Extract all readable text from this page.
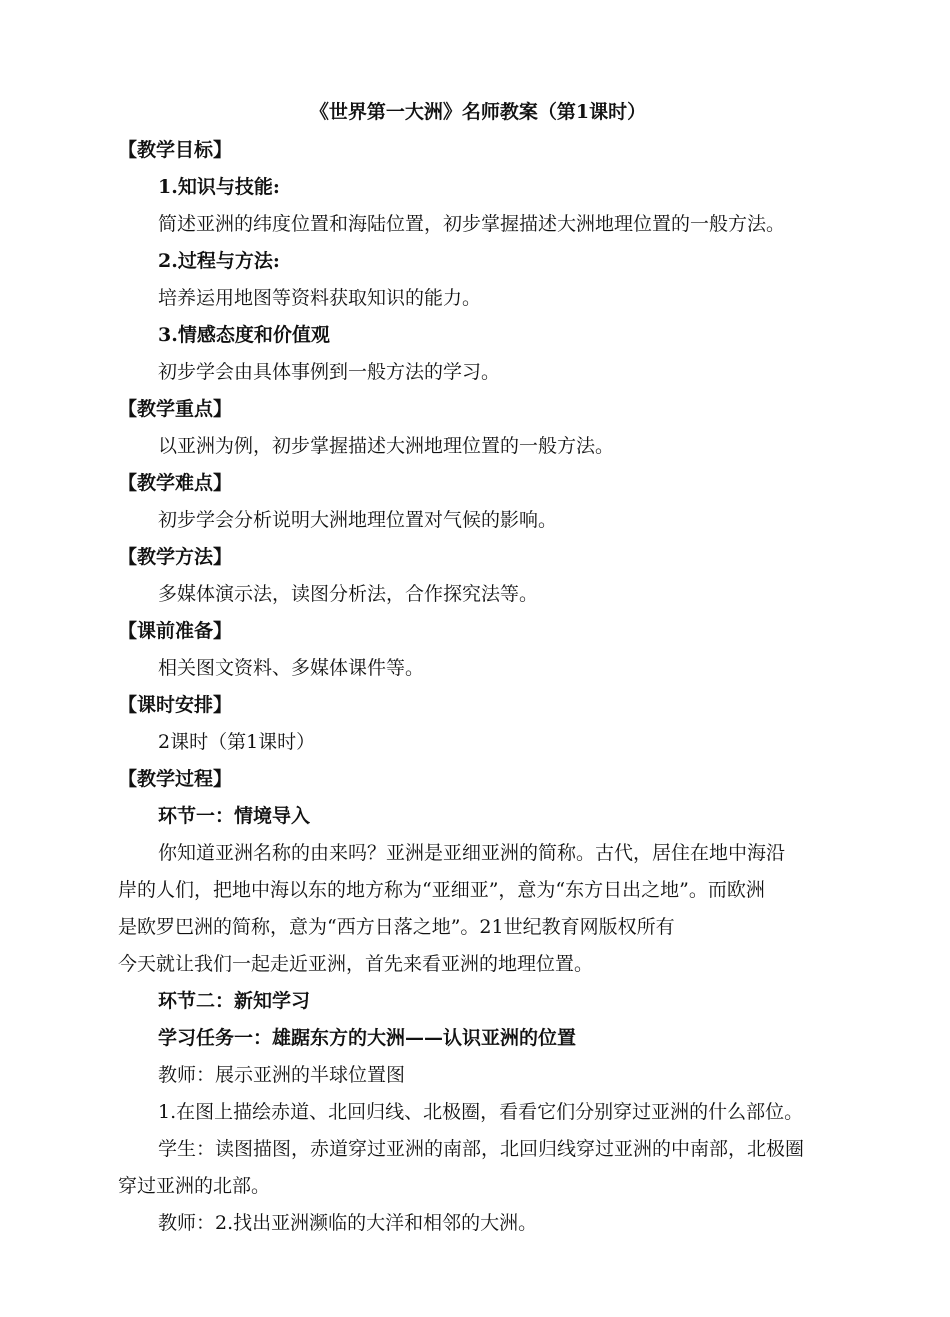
《世界第一大洲》名师教案（第1课时）
【教学目标】
1.知识与技能:
简述亚洲的纬度位置和海陆位置，初步掌握描述大洲地理位置的一般方法。
2.过程与方法:
培养运用地图等资料获取知识的能力。
3.情感态度和价值观
初步学会由具体事例到一般方法的学习。
【教学重点】
以亚洲为例，初步掌握描述大洲地理位置的一般方法。
【教学难点】
初步学会分析说明大洲地理位置对气候的影响。
【教学方法】
多媒体演示法，读图分析法，合作探究法等。
【课前准备】
相关图文资料、多媒体课件等。
【课时安排】
2课时（第1课时）
【教学过程】
环节一：情境导入
你知道亚洲名称的由来吗？亚洲是亚细亚洲的简称。古代，居住在地中海沿
岸的人们，把地中海以东的地方称为“亚细亚”，意为“东方日出之地”。而欧洲
是欧罗巴洲的简称，意为“西方日落之地”。21世纪教育网版权所有
今天就让我们一起走近亚洲，首先来看亚洲的地理位置。
环节二：新知学习
学习任务一：雄踞东方的大洲——认识亚洲的位置
教师：展示亚洲的半球位置图
1.在图上描绘赤道、北回归线、北极圈，看看它们分别穿过亚洲的什么部位。
学生：读图描图，赤道穿过亚洲的南部，北回归线穿过亚洲的中南部，北极圈
穿过亚洲的北部。
教师：2.找出亚洲濒临的大洋和相邻的大洲。
